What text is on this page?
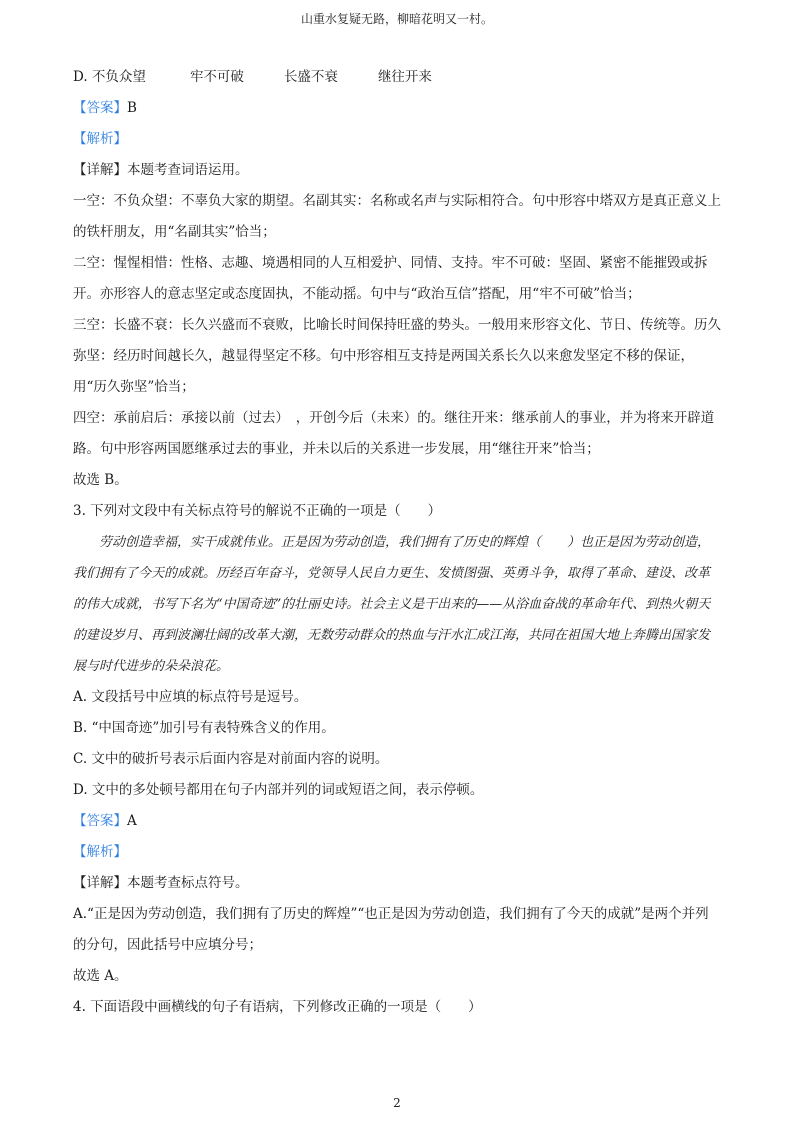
山重水复疑无路，柳暗花明又一村。
D. 不负众望	牢不可破	长盛不衰	继往开来
【答案】B
【解析】
【详解】本题考查词语运用。
一空：不负众望：不辜负大家的期望。名副其实：名称或名声与实际相符合。句中形容中塔双方是真正意义上的铁杆朋友，用“名副其实”恰当；
二空：惺惺相惜：性格、志趣、境遇相同的人互相爱护、同情、支持。牢不可破：坚固、紧密不能摧毁或拆开。亦形容人的意志坚定或态度固执，不能动摇。句中与“政治互信”搭配，用“牢不可破”恰当；
三空：长盛不衰：长久兴盛而不衰败，比喻长时间保持旺盛的势头。一般用来形容文化、节日、传统等。历久弥坚：经历时间越长久，越显得坚定不移。句中形容相互支持是两国关系长久以来愈发坚定不移的保证，用“历久弥坚”恰当；
四空：承前启后：承接以前（过去）　，开创今后（未来）的。继往开来：继承前人的事业，并为将来开辟道路。句中形容两国愿继承过去的事业，并未以后的关系进一步发展，用“继往开来”恰当；
故选 B。
3. 下列对文段中有关标点符号的解说不正确的一项是（　　）
劳动创造幸福，实干成就伟业。正是因为劳动创造，我们拥有了历史的辉煌（　　）也正是因为劳动创造，我们拥有了今天的成就。历经百年奋斗，党领导人民自力更生、发愤图强、英勇斗争，取得了革命、建设、改革的伟大成就，书写下名为“中国奇迹”的壮丽史诗。社会主义是干出来的——从浴血奋战的革命年代、到热火朝天的建设岁月、再到波澜壮阔的改革大潮，无数劳动群众的热血与汗水汇成江海，共同在祖国大地上奔腾出国家发展与时代进步的朵朵浪花。
A. 文段括号中应填的标点符号是逗号。
B. “中国奇迹”加引号有表特殊含义的作用。
C. 文中的破折号表示后面内容是对前面内容的说明。
D. 文中的多处顿号都用在句子内部并列的词或短语之间，表示停顿。
【答案】A
【解析】
【详解】本题考查标点符号。
A.“正是因为劳动创造，我们拥有了历史的辉煌”“也正是因为劳动创造，我们拥有了今天的成就”是两个并列的分句，因此括号中应填分号；
故选 A。
4. 下面语段中画横线的句子有语病，下列修改正确的一项是（　　）
2
